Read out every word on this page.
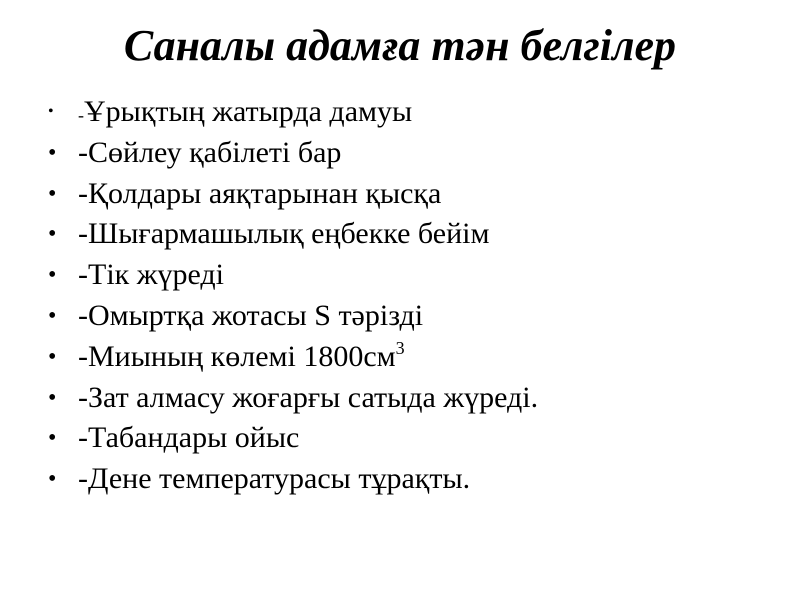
Саналы адамға тән белгілер
•	-Ұрықтың жатырда дамуы
• -Сөйлеу қабілеті бар
• -Қолдары аяқтарынан қысқа
• -Шығармашылық еңбекке бейім
• -Тік жүреді
• -Омыртқа жотасы S тәрізді
• -Миының көлемі $1800см^3$
• -Зат алмасу жоғарғы сатыда жүреді.
• -Табандары ойыс
• -Дене температурасы тұрақты.
